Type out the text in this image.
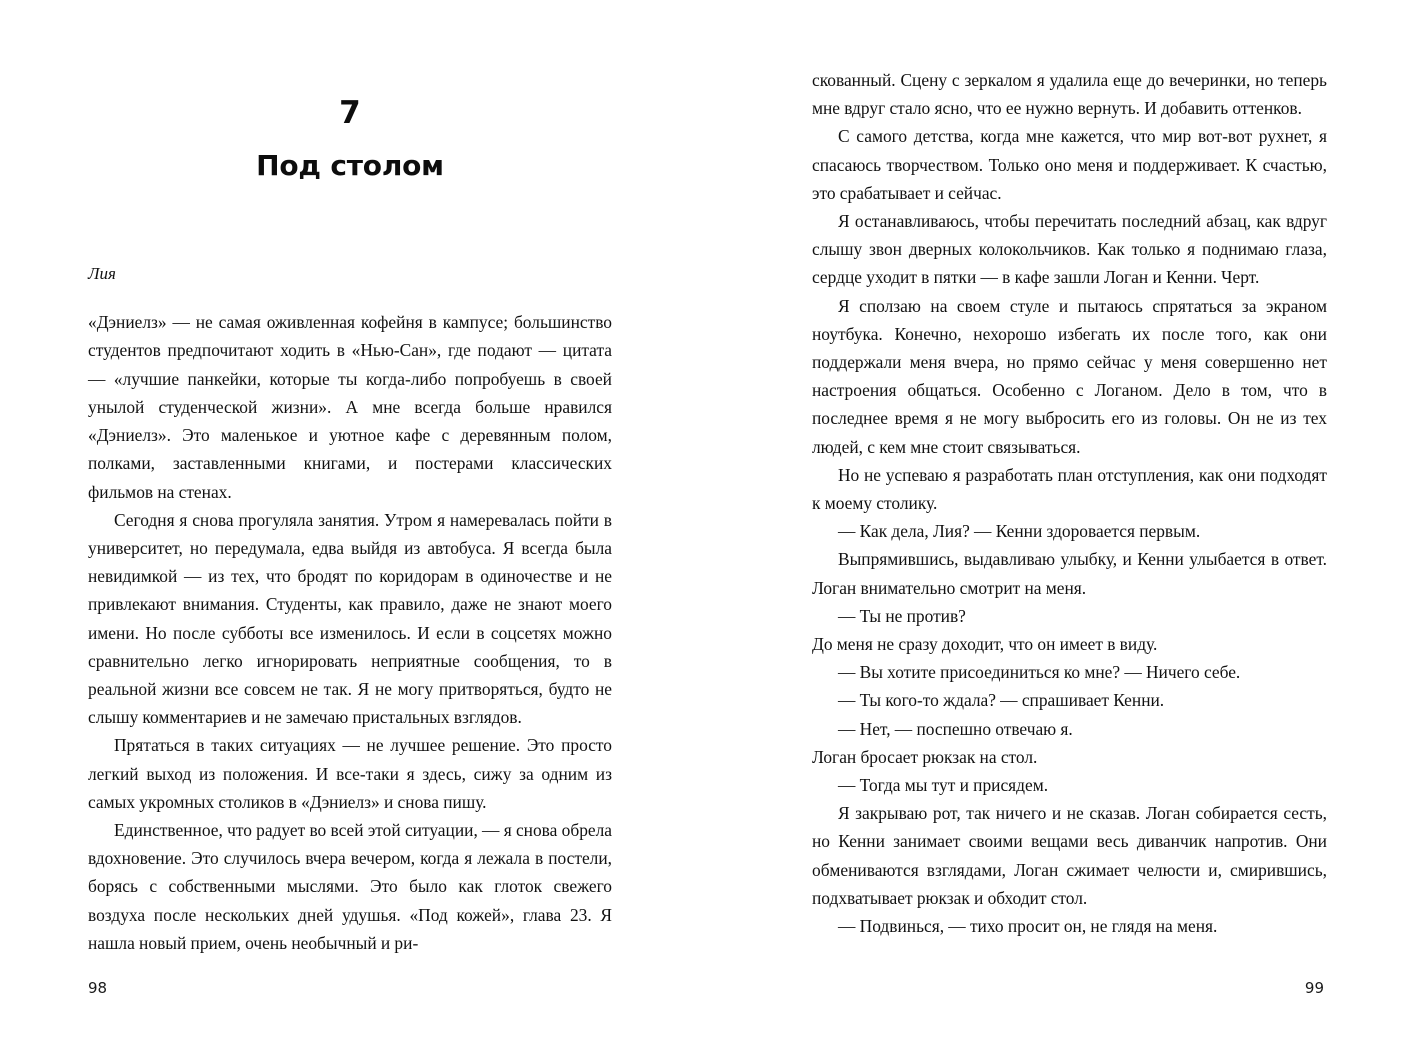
7
Под столом
Лия

«Дэниелз» — не самая оживленная кофейня в кампусе; большинство студентов предпочитают ходить в «Нью-Сан», где подают — цитата — «лучшие панкейки, которые ты когда-либо попробуешь в своей унылой студенческой жизни». А мне всегда больше нравился «Дэниелз». Это маленькое и уютное кафе с деревянным полом, полками, заставленными книгами, и постерами классических фильмов на стенах.

Сегодня я снова прогуляла занятия. Утром я намеревалась пойти в университет, но передумала, едва выйдя из автобуса. Я всегда была невидимкой — из тех, что бродят по коридорам в одиночестве и не привлекают внимания. Студенты, как правило, даже не знают моего имени. Но после субботы все изменилось. И если в соцсетях можно сравнительно легко игнорировать неприятные сообщения, то в реальной жизни все совсем не так. Я не могу притворяться, будто не слышу комментариев и не замечаю пристальных взглядов.

Прятаться в таких ситуациях — не лучшее решение. Это просто легкий выход из положения. И все-таки я здесь, сижу за одним из самых укромных столиков в «Дэниелз» и снова пишу.

Единственное, что радует во всей этой ситуации, — я снова обрела вдохновение. Это случилось вчера вечером, когда я лежала в постели, борясь с собственными мыслями. Это было как глоток свежего воздуха после нескольких дней удушья. «Под кожей», глава 23. Я нашла новый прием, очень необычный и ри-

98

скованный. Сцену с зеркалом я удалила еще до вечеринки, но теперь мне вдруг стало ясно, что ее нужно вернуть. И добавить оттенков.

С самого детства, когда мне кажется, что мир вот-вот рухнет, я спасаюсь творчеством. Только оно меня и поддерживает. К счастью, это срабатывает и сейчас.

Я останавливаюсь, чтобы перечитать последний абзац, как вдруг слышу звон дверных колокольчиков. Как только я поднимаю глаза, сердце уходит в пятки — в кафе зашли Логан и Кенни. Черт.

Я сползаю на своем стуле и пытаюсь спрятаться за экраном ноутбука. Конечно, нехорошо избегать их после того, как они поддержали меня вчера, но прямо сейчас у меня совершенно нет настроения общаться. Особенно с Логаном. Дело в том, что в последнее время я не могу выбросить его из головы. Он не из тех людей, с кем мне стоит связываться.

Но не успеваю я разработать план отступления, как они подходят к моему столику.

— Как дела, Лия? — Кенни здоровается первым.

Выпрямившись, выдавливаю улыбку, и Кенни улыбается в ответ. Логан внимательно смотрит на меня.

— Ты не против?

До меня не сразу доходит, что он имеет в виду.

— Вы хотите присоединиться ко мне? — Ничего себе.

— Ты кого-то ждала? — спрашивает Кенни.

— Нет, — поспешно отвечаю я.

Логан бросает рюкзак на стол.

— Тогда мы тут и присядем.

Я закрываю рот, так ничего и не сказав. Логан собирается сесть, но Кенни занимает своими вещами весь диванчик напротив. Они обмениваются взглядами, Логан сжимает челюсти и, смирившись, подхватывает рюкзак и обходит стол.

— Подвинься, — тихо просит он, не глядя на меня.

99
